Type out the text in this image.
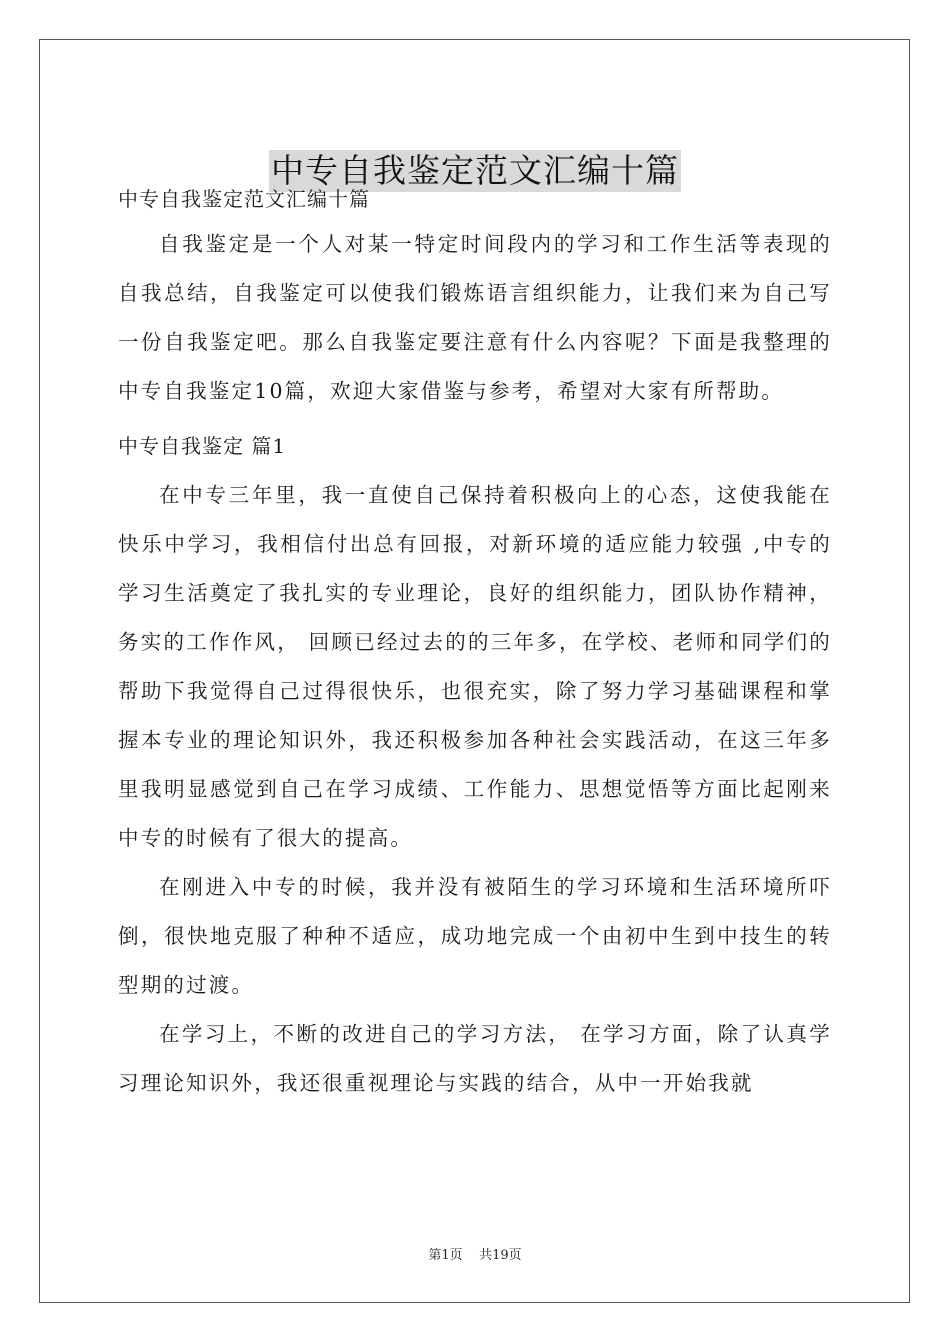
中专自我鉴定范文汇编十篇

中专自我鉴定范文汇编十篇

自我鉴定是一个人对某一特定时间段内的学习和工作生活等表现的自我总结，自我鉴定可以使我们锻炼语言组织能力，让我们来为自己写一份自我鉴定吧。那么自我鉴定要注意有什么内容呢？下面是我整理的中专自我鉴定10篇，欢迎大家借鉴与参考，希望对大家有所帮助。

中专自我鉴定 篇1

在中专三年里，我一直使自己保持着积极向上的心态，这使我能在快乐中学习，我相信付出总有回报，对新环境的适应能力较强 ,中专的学习生活奠定了我扎实的专业理论，良好的组织能力，团队协作精神，务实的工作作风， 回顾已经过去的的三年多，在学校、老师和同学们的帮助下我觉得自己过得很快乐，也很充实，除了努力学习基础课程和掌握本专业的理论知识外，我还积极参加各种社会实践活动，在这三年多里我明显感觉到自己在学习成绩、工作能力、思想觉悟等方面比起刚来中专的时候有了很大的提高。

在刚进入中专的时候，我并没有被陌生的学习环境和生活环境所吓倒，很快地克服了种种不适应，成功地完成一个由初中生到中技生的转型期的过渡。

在学习上，不断的改进自己的学习方法， 在学习方面，除了认真学习理论知识外，我还很重视理论与实践的结合，从中一开始我就

第1页 共19页
